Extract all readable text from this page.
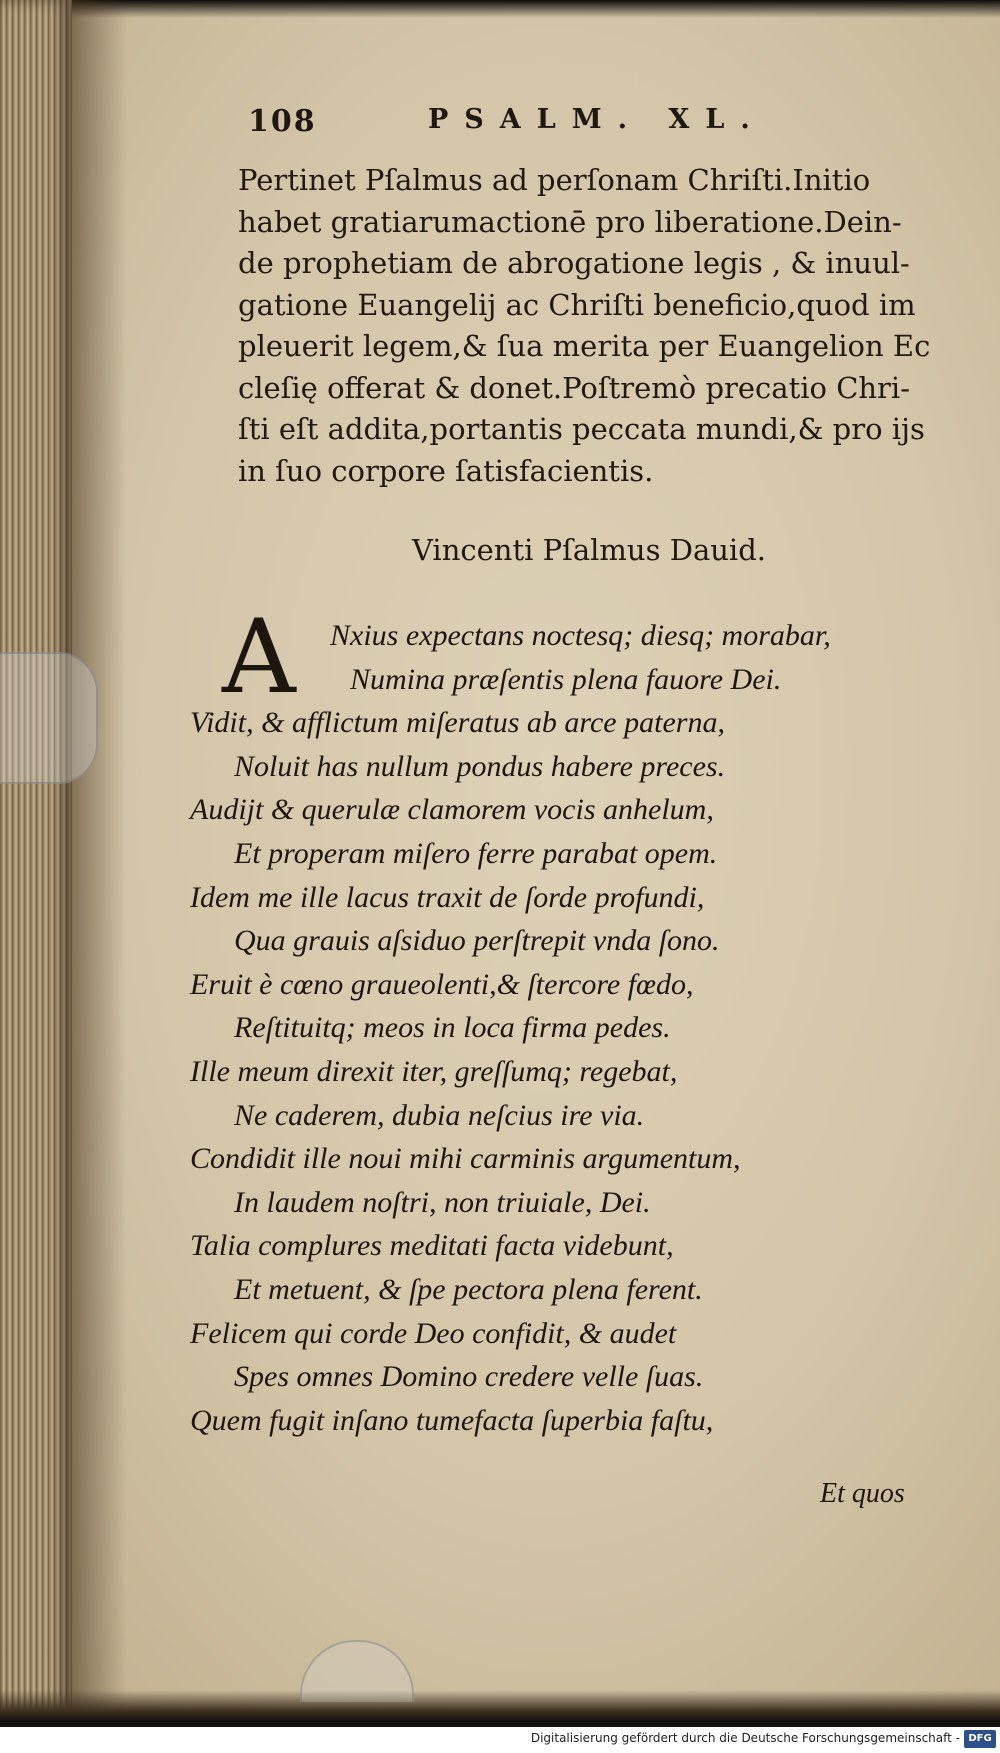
108	PSALM. XL.
Pertinet Pſalmus ad perſonam Chriſti.Initio
habet gratiarumactionē pro liberatione.Dein-
de prophetiam de abrogatione legis , & inuul-
gatione Euangelij ac Chriſti beneficio,quod im
pleuerit legem,& ſua merita per Euangelion Ec
cleſię offerat & donet.Poſtremò precatio Chri-
ſti eſt addita,portantis peccata mundi,& pro ijs
in ſuo corpore ſatisfacientis.
Vincenti Pſalmus Dauid.
A	Nxius expectans noctesq; diesq; morabar,
Numina præſentis plena fauore Dei.
Vidit, & afflictum miſeratus ab arce paterna,
Noluit has nullum pondus habere preces.
Audijt & querulæ clamorem vocis anhelum,
Et properam miſero ferre parabat opem.
Idem me ille lacus traxit de ſorde profundi,
Qua grauis aſsiduo perſtrepit vnda ſono.
Eruit è cœno graueolenti,& ſtercore fœdo,
Reſtituitq; meos in loca firma pedes.
Ille meum direxit iter, greſſumq; regebat,
Ne caderem, dubia neſcius ire via.
Condidit ille noui mihi carminis argumentum,
In laudem noſtri, non triuiale, Dei.
Talia complures meditati facta videbunt,
Et metuent, & ſpe pectora plena ferent.
Felicem qui corde Deo confidit, & audet
Spes omnes Domino credere velle ſuas.
Quem fugit inſano tumefacta ſuperbia faſtu,
Et quos
Digitalisierung gefördert durch die Deutsche Forschungsgemeinschaft - DFG
